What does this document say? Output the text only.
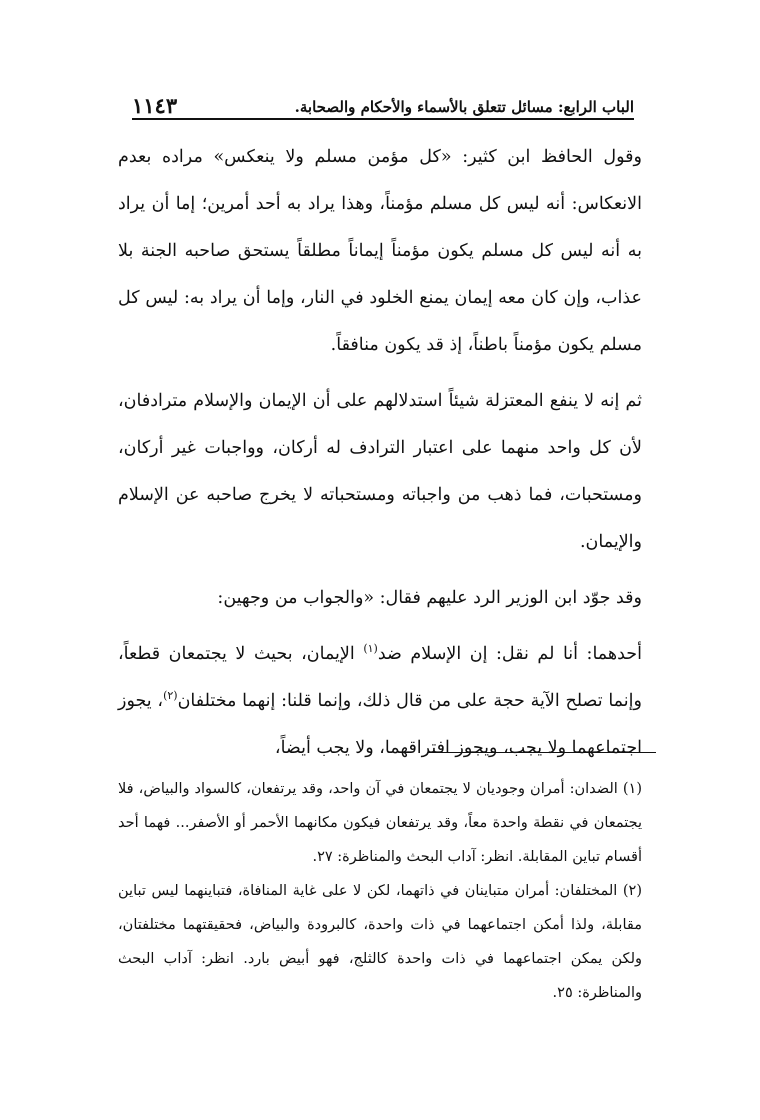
١١٤٣	الباب الرابع: مسائل تتعلق بالأسماء والأحكام والصحابة.

وقول الحافظ ابن كثير: «كل مؤمن مسلم ولا ينعكس» مراده بعدم الانعكاس: أنه ليس كل مسلم مؤمناً، وهذا يراد به أحد أمرين؛ إما أن يراد به أنه ليس كل مسلم يكون مؤمناً إيماناً مطلقاً يستحق صاحبه الجنة بلا عذاب، وإن كان معه إيمان يمنع الخلود في النار، وإما أن يراد به: ليس كل مسلم يكون مؤمناً باطناً، إذ قد يكون منافقاً.

ثم إنه لا ينفع المعتزلة شيئاً استدلالهم على أن الإيمان والإسلام مترادفان، لأن كل واحد منهما على اعتبار الترادف له أركان، وواجبات غير أركان، ومستحبات، فما ذهب من واجباته ومستحباته لا يخرج صاحبه عن الإسلام والإيمان.

وقد جوّد ابن الوزير الرد عليهم فقال: «والجواب من وجهين:

أحدهما: أنا لم نقل: إن الإسلام ضد$^{(١)}$ الإيمان، بحيث لا يجتمعان قطعاً، وإنما تصلح الآية حجة على من قال ذلك، وإنما قلنا: إنهما مختلفان$^{(٢)}$، يجوز اجتماعهما ولا يجب، ويجوز افتراقهما، ولا يجب أيضاً،

(١) الضدان: أمران وجوديان لا يجتمعان في آن واحد، وقد يرتفعان، كالسواد والبياض، فلا يجتمعان في نقطة واحدة معاً، وقد يرتفعان فيكون مكانهما الأحمر أو الأصفر... فهما أحد أقسام تباين المقابلة. انظر: آداب البحث والمناظرة: ٢٧.

(٢) المختلفان: أمران متباينان في ذاتهما، لكن لا على غاية المنافاة، فتباينهما ليس تباين مقابلة، ولذا أمكن اجتماعهما في ذات واحدة، كالبرودة والبياض، فحقيقتهما مختلفتان، ولكن يمكن اجتماعهما في ذات واحدة كالثلج، فهو أبيض بارد. انظر: آداب البحث والمناظرة: ٢٥.
